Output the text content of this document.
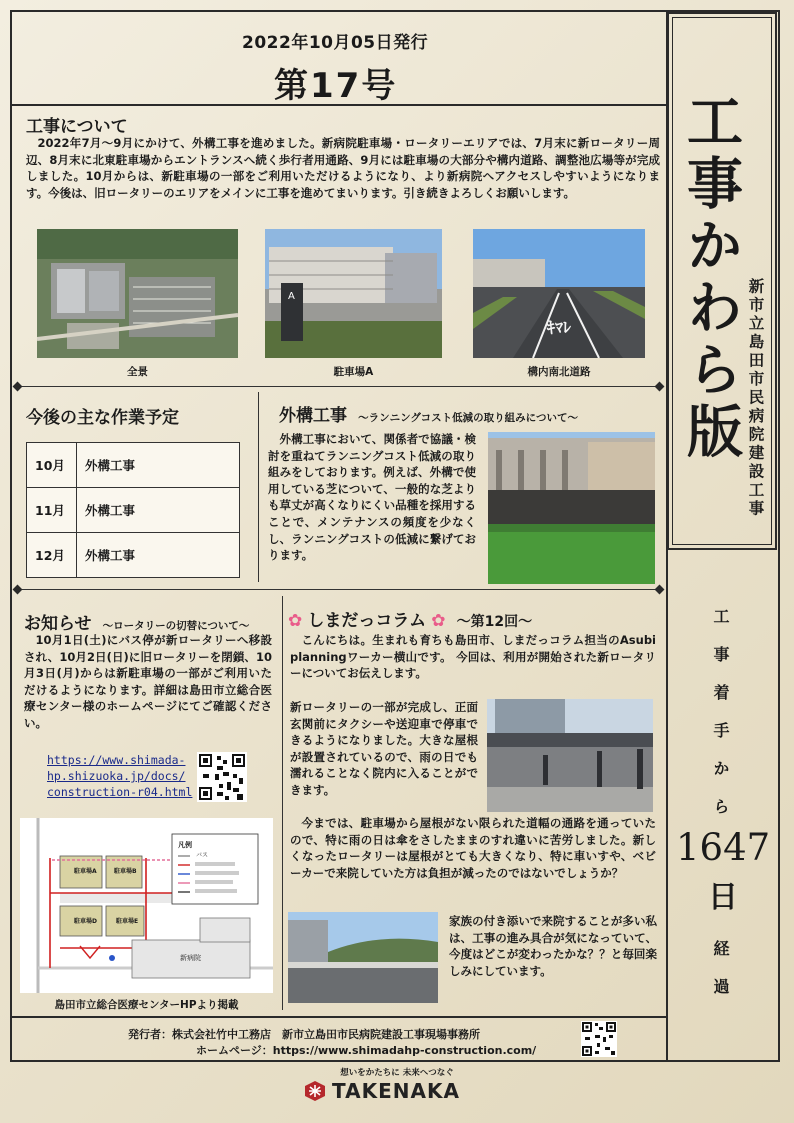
2022年10月05日発行
第17号
工事かわら版 新市立島田市民病院建設工事
工事について
2022年7月～9月にかけて、外構工事を進めました。新病院駐車場・ロータリーエリアでは、7月末に新ロータリー周辺、8月末に北東駐車場からエントランスへ続く歩行者用通路、9月には駐車場の大部分や構内道路、調整池広場等が完成しました。10月からは、新駐車場の一部をご利用いただけるようになり、より新病院へアクセスしやすいようになります。今後は、旧ロータリーのエリアをメインに工事を進めてまいります。引き続きよろしくお願いします。
全景
A
駐車場A
ｷﾏﾚ
構内南北道路
今後の主な作業予定
10月	外構工事
11月	外構工事
12月	外構工事
外構工事 ～ランニングコスト低減の取り組みについて～
外構工事において、関係者で協議・検討を重ねてランニングコスト低減の取り組みをしております。例えば、外構で使用している芝について、一般的な芝よりも草丈が高くなりにくい品種を採用することで、メンテナンスの頻度を少なくし、ランニングコストの低減に繋げております。
お知らせ ～ロータリーの切替について～
10月1日(土)にバス停が新ロータリーへ移設され、10月2日(日)に旧ロータリーを閉鎖、10月3日(月)からは新駐車場の一部がご利用いただけるようになります。詳細は島田市立総合医療センター様のホームページにてご確認ください。
https://www.shimada-
hp.shizuoka.jp/docs/
construction-r04.html
駐車場A	駐車場B
駐車場D	駐車場E
凡例
バス
新病院
島田市立総合医療センターHPより掲載
✿ しまだっコラム ✿ ～第12回～
こんにちは。生まれも育ちも島田市、しまだっコラム担当のAsubi planningワーカー横山です。 今回は、利用が開始された新ロータリーについてお伝えします。
新ロータリーの一部が完成し、正面玄関前にタクシーや送迎車で停車できるようになりました。大きな屋根が設置されているので、雨の日でも濡れることなく院内に入ることができます。
今までは、駐車場から屋根がない限られた道幅の通路を通っていたので、特に雨の日は傘をさしたままのすれ違いに苦労しました。新しくなったロータリーは屋根がとても大きくなり、特に車いすや、ベビーカーで来院していた方は負担が減ったのではないでしょうか？
家族の付き添いで来院することが多い私は、工事の進み具合が気になっていて、今度はどこが変わったかな？？と毎回楽しみにしています。
工事着手から
1647
日
経過
発行者：株式会社竹中工務店　新市立島田市民病院建設工事現場事務所
ホームページ：https://www.shimadahp-construction.com/
想いをかたちに 未来へつなぐ
TAKENAKA
